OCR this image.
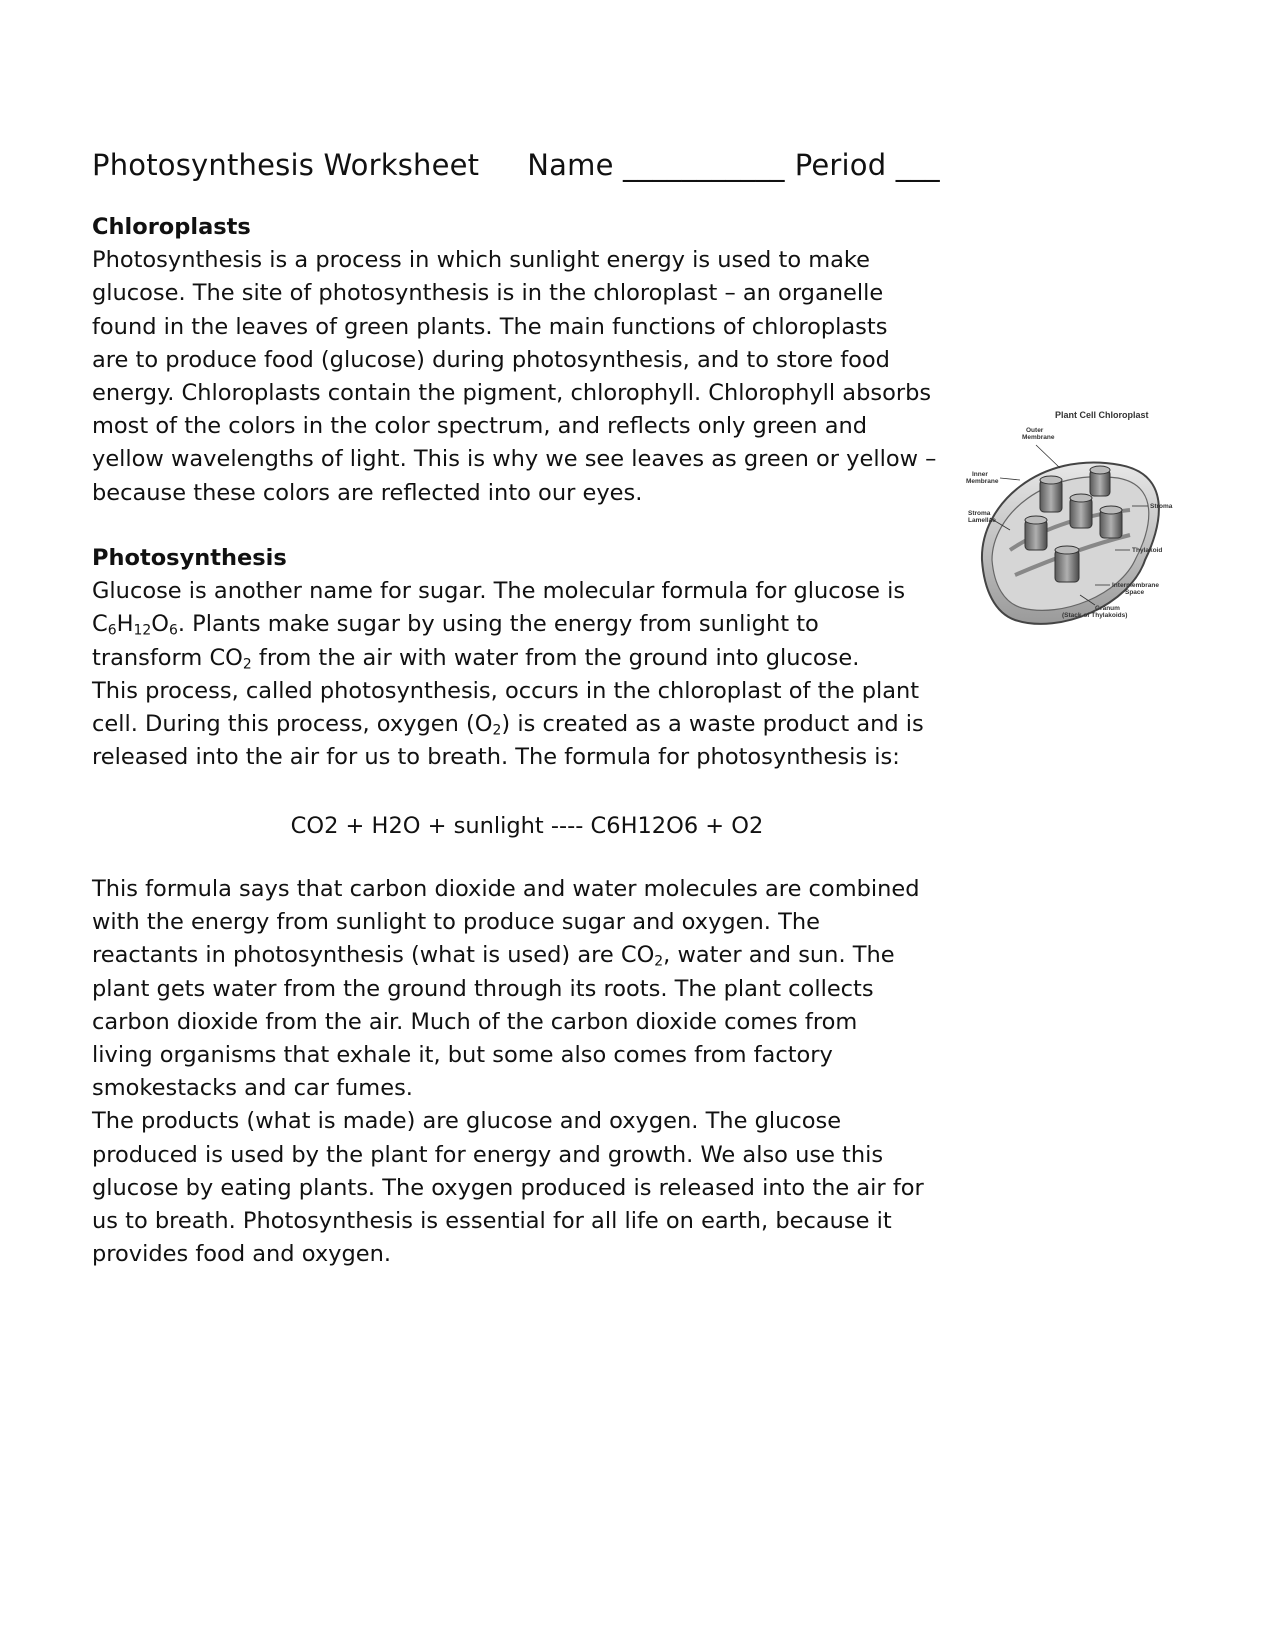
Photosynthesis Worksheet Name ___________ Period ___
Chloroplasts
Photosynthesis is a process in which sunlight energy is used to make
glucose. The site of photosynthesis is in the chloroplast – an organelle
found in the leaves of green plants. The main functions of chloroplasts
are to produce food (glucose) during photosynthesis, and to store food
energy. Chloroplasts contain the pigment, chlorophyll. Chlorophyll absorbs
most of the colors in the color spectrum, and reflects only green and
yellow wavelengths of light. This is why we see leaves as green or yellow –
because these colors are reflected into our eyes.
Photosynthesis
Glucose is another name for sugar. The molecular formula for glucose is
$C_6H_{12}O_6$. Plants make sugar by using the energy from sunlight to
transform $CO_2$ from the air with water from the ground into glucose.
This process, called photosynthesis, occurs in the chloroplast of the plant
cell. During this process, oxygen $(O_2)$ is created as a waste product and is
released into the air for us to breath. The formula for photosynthesis is:
CO2 + H2O + sunlight ---- C6H12O6 + O2
This formula says that carbon dioxide and water molecules are combined
with the energy from sunlight to produce sugar and oxygen. The
reactants in photosynthesis (what is used) are $CO_2$, water and sun. The
plant gets water from the ground through its roots. The plant collects
carbon dioxide from the air. Much of the carbon dioxide comes from
living organisms that exhale it, but some also comes from factory
smokestacks and car fumes.
The products (what is made) are glucose and oxygen. The glucose
produced is used by the plant for energy and growth. We also use this
glucose by eating plants. The oxygen produced is released into the air for
us to breath. Photosynthesis is essential for all life on earth, because it
provides food and oxygen.
Plant Cell Chloroplast
Outer
Membrane
Inner
Membrane
Stroma
Stroma
Lamellae
Thylakoid
Intermembrane
Space
Granum
(Stack of Thylakoids)
